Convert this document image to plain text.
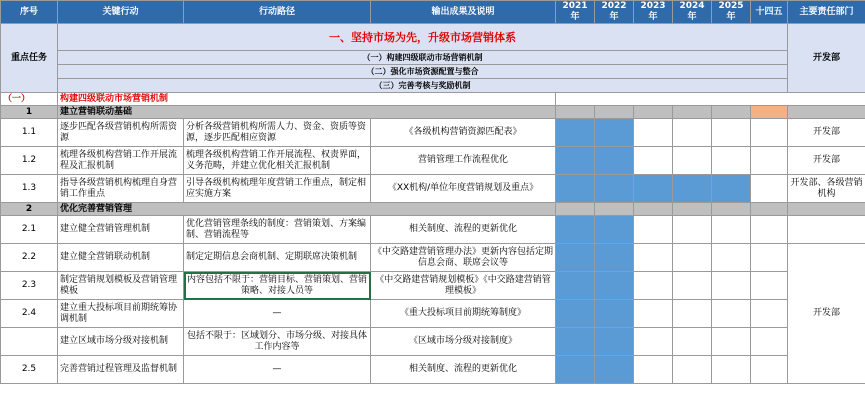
序号	关键行动	行动路径	输出成果及说明	2021年	2022年	2023年	2024年	2025年	十四五	主要责任部门
重点任务	一、坚持市场为先，升级市场营销体系									开发部
	（一）构建四级联动市场营销机制									
	（二）强化市场资源配置与整合									
	（三）完善考核与奖励机制									
（一）	构建四级联动市场营销机制									
1	建立营销联动基础									
1.1	逐步匹配各级营销机构所需资源	分析各级营销机构所需人力、资金、资质等资源，逐步匹配相应资源	《各级机构营销资源匹配表》							开发部
1.2	梳理各级机构营销工作开展流程及汇报机制	梳理各级机构营销工作开展流程、权责界面，义务范畴，并建立优化相关汇报机制	营销管理工作流程优化							开发部
1.3	指导各级营销机构梳理自身营销工作重点	引导各级机构梳理年度营销工作重点，制定相应实施方案	《XX机构/单位年度营销规划及重点》							开发部、各级营销机构
2	优化完善营销管理									
2.1	建立健全营销管理机制	优化营销管理条线的制度：营销策划、方案编制、营销流程等	相关制度、流程的更新优化							
2.2	建立健全营销联动机制	制定定期信息会商机制、定期联席决策机制	《中交路建营销管理办法》更新内容包括定期信息会商、联席会议等							开发部
2.3	制定营销规划模板及营销管理模板	内容包括不限于：营销目标、营销策划、营销策略、对接人员等	《中交路建营销规划模板》《中交路建营销管理模板》							
2.4	建立重大投标项目前期统筹协调机制	—	《重大投标项目前期统筹制度》							
	建立区域市场分级对接机制	包括不限于：区域划分、市场分级、对接具体工作内容等	《区域市场分级对接制度》							
2.5	完善营销过程管理及监督机制	—	相关制度、流程的更新优化							
